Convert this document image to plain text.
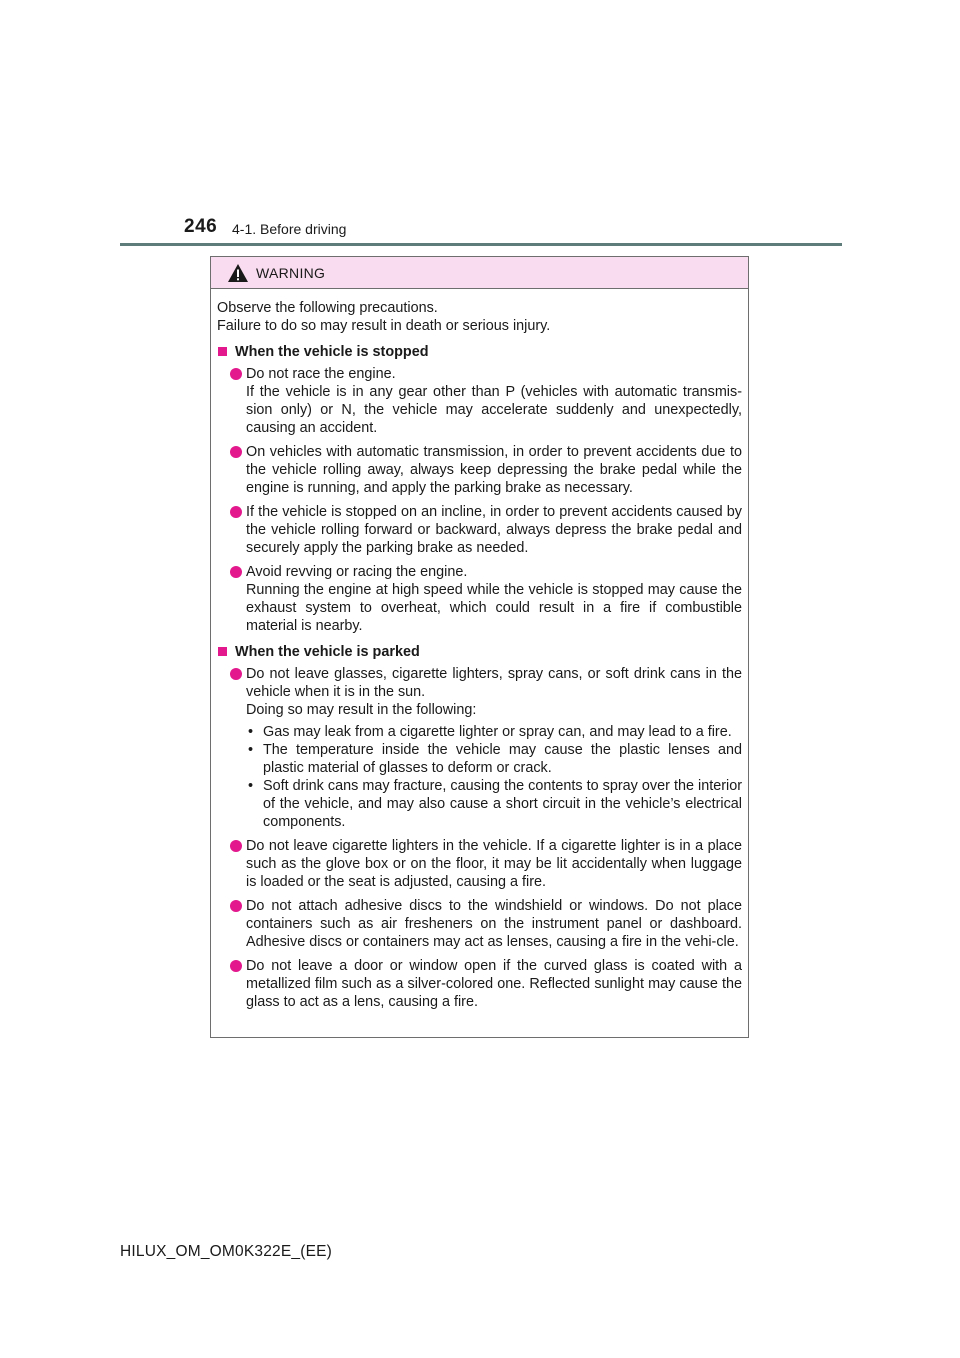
246 4-1. Before driving
WARNING
Observe the following precautions.
Failure to do so may result in death or serious injury.
When the vehicle is stopped
Do not race the engine.
If the vehicle is in any gear other than P (vehicles with automatic transmis-sion only) or N, the vehicle may accelerate suddenly and unexpectedly, causing an accident.
On vehicles with automatic transmission, in order to prevent accidents due to the vehicle rolling away, always keep depressing the brake pedal while the engine is running, and apply the parking brake as necessary.
If the vehicle is stopped on an incline, in order to prevent accidents caused by the vehicle rolling forward or backward, always depress the brake pedal and securely apply the parking brake as needed.
Avoid revving or racing the engine.
Running the engine at high speed while the vehicle is stopped may cause the exhaust system to overheat, which could result in a fire if combustible material is nearby.
When the vehicle is parked
Do not leave glasses, cigarette lighters, spray cans, or soft drink cans in the vehicle when it is in the sun.
Doing so may result in the following:
• Gas may leak from a cigarette lighter or spray can, and may lead to a fire.
• The temperature inside the vehicle may cause the plastic lenses and plastic material of glasses to deform or crack.
• Soft drink cans may fracture, causing the contents to spray over the interior of the vehicle, and may also cause a short circuit in the vehicle’s electrical components.
Do not leave cigarette lighters in the vehicle. If a cigarette lighter is in a place such as the glove box or on the floor, it may be lit accidentally when luggage is loaded or the seat is adjusted, causing a fire.
Do not attach adhesive discs to the windshield or windows. Do not place containers such as air fresheners on the instrument panel or dashboard. Adhesive discs or containers may act as lenses, causing a fire in the vehi-cle.
Do not leave a door or window open if the curved glass is coated with a metallized film such as a silver-colored one. Reflected sunlight may cause the glass to act as a lens, causing a fire.
HILUX_OM_OM0K322E_(EE)
